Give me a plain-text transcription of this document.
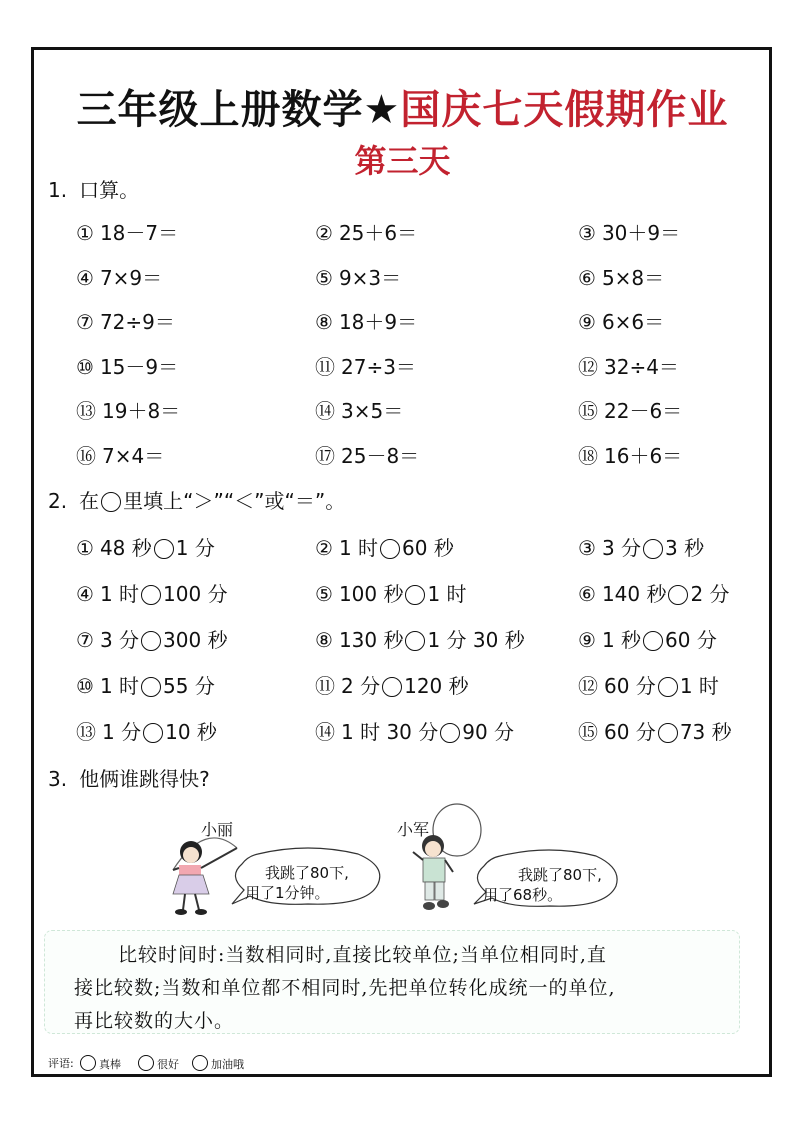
三年级上册数学★国庆七天假期作业
第三天
1. 口算。
① 18－7＝	② 25＋6＝	③ 30＋9＝
④ 7×9＝	⑤ 9×3＝	⑥ 5×8＝
⑦ 72÷9＝	⑧ 18＋9＝	⑨ 6×6＝
⑩ 15－9＝	⑪ 27÷3＝	⑫ 32÷4＝
⑬ 19＋8＝	⑭ 3×5＝	⑮ 22－6＝
⑯ 7×4＝	⑰ 25－8＝	⑱ 16＋6＝
2. 在 里填上“＞”“＜”或“＝”。
① 48 秒 1 分	② 1 时 60 秒	③ 3 分 3 秒
④ 1 时 100 分	⑤ 100 秒 1 时	⑥ 140 秒 2 分
⑦ 3 分 300 秒	⑧ 130 秒 1 分 30 秒	⑨ 1 秒 60 分
⑩ 1 时 55 分	⑪ 2 分 120 秒	⑫ 60 分 1 时
⑬ 1 分 10 秒	⑭ 1 时 30 分 90 分	⑮ 60 分 73 秒
3. 他俩谁跳得快?
小丽
我跳了80下,
用了1分钟。
小军
我跳了80下,
用了68秒。
比较时间时:当数相同时,直接比较单位;当单位相同时,直
接比较数;当数和单位都不相同时,先把单位转化成统一的单位,
再比较数的大小。
评语:	真棒	很好	加油哦
